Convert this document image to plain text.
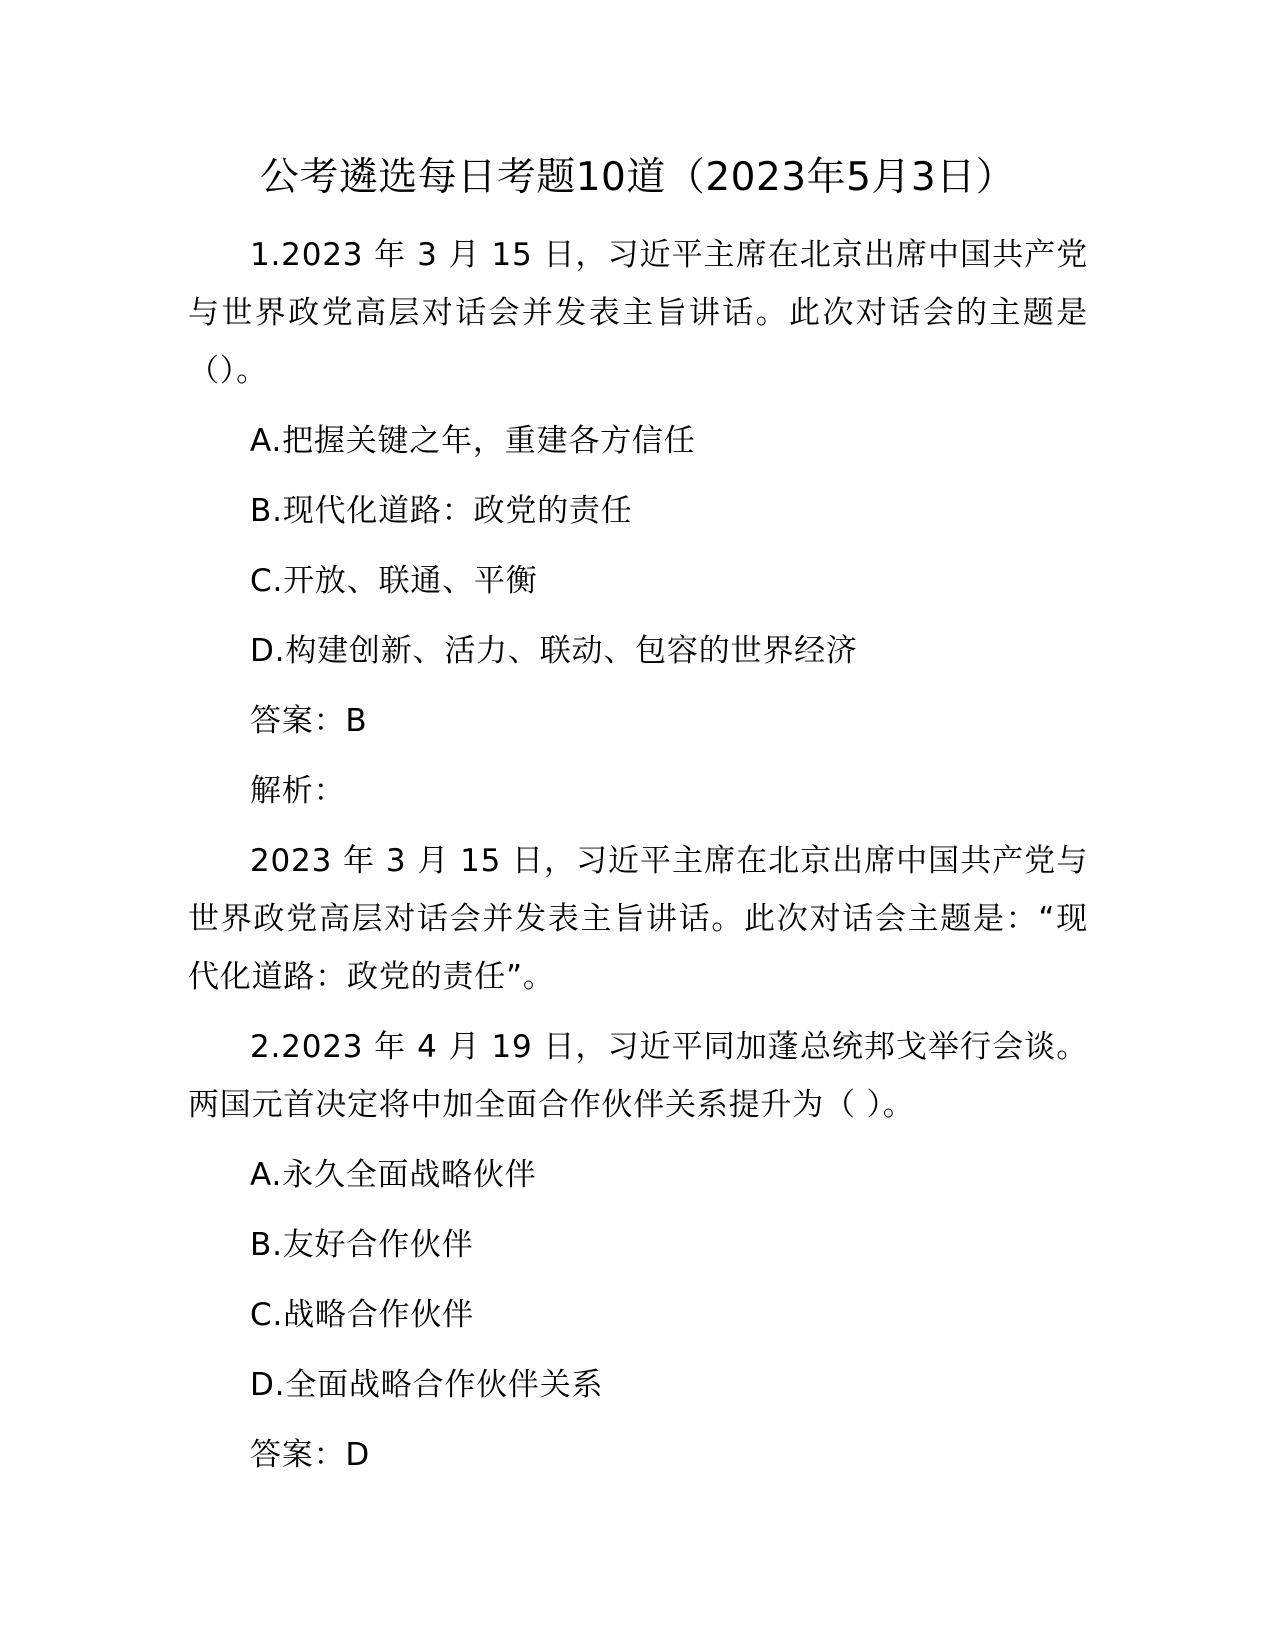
公考遴选每日考题10道（2023年5月3日）

1.2023 年 3 月 15 日，习近平主席在北京出席中国共产党与世界政党高层对话会并发表主旨讲话。此次对话会的主题是（）。

A.把握关键之年，重建各方信任

B.现代化道路：政党的责任

C.开放、联通、平衡

D.构建创新、活力、联动、包容的世界经济

答案：B

解析：

2023 年 3 月 15 日，习近平主席在北京出席中国共产党与世界政党高层对话会并发表主旨讲话。此次对话会主题是：“现代化道路：政党的责任”。

2.2023 年 4 月 19 日，习近平同加蓬总统邦戈举行会谈。两国元首决定将中加全面合作伙伴关系提升为（ ）。

A.永久全面战略伙伴

B.友好合作伙伴

C.战略合作伙伴

D.全面战略合作伙伴关系

答案：D
